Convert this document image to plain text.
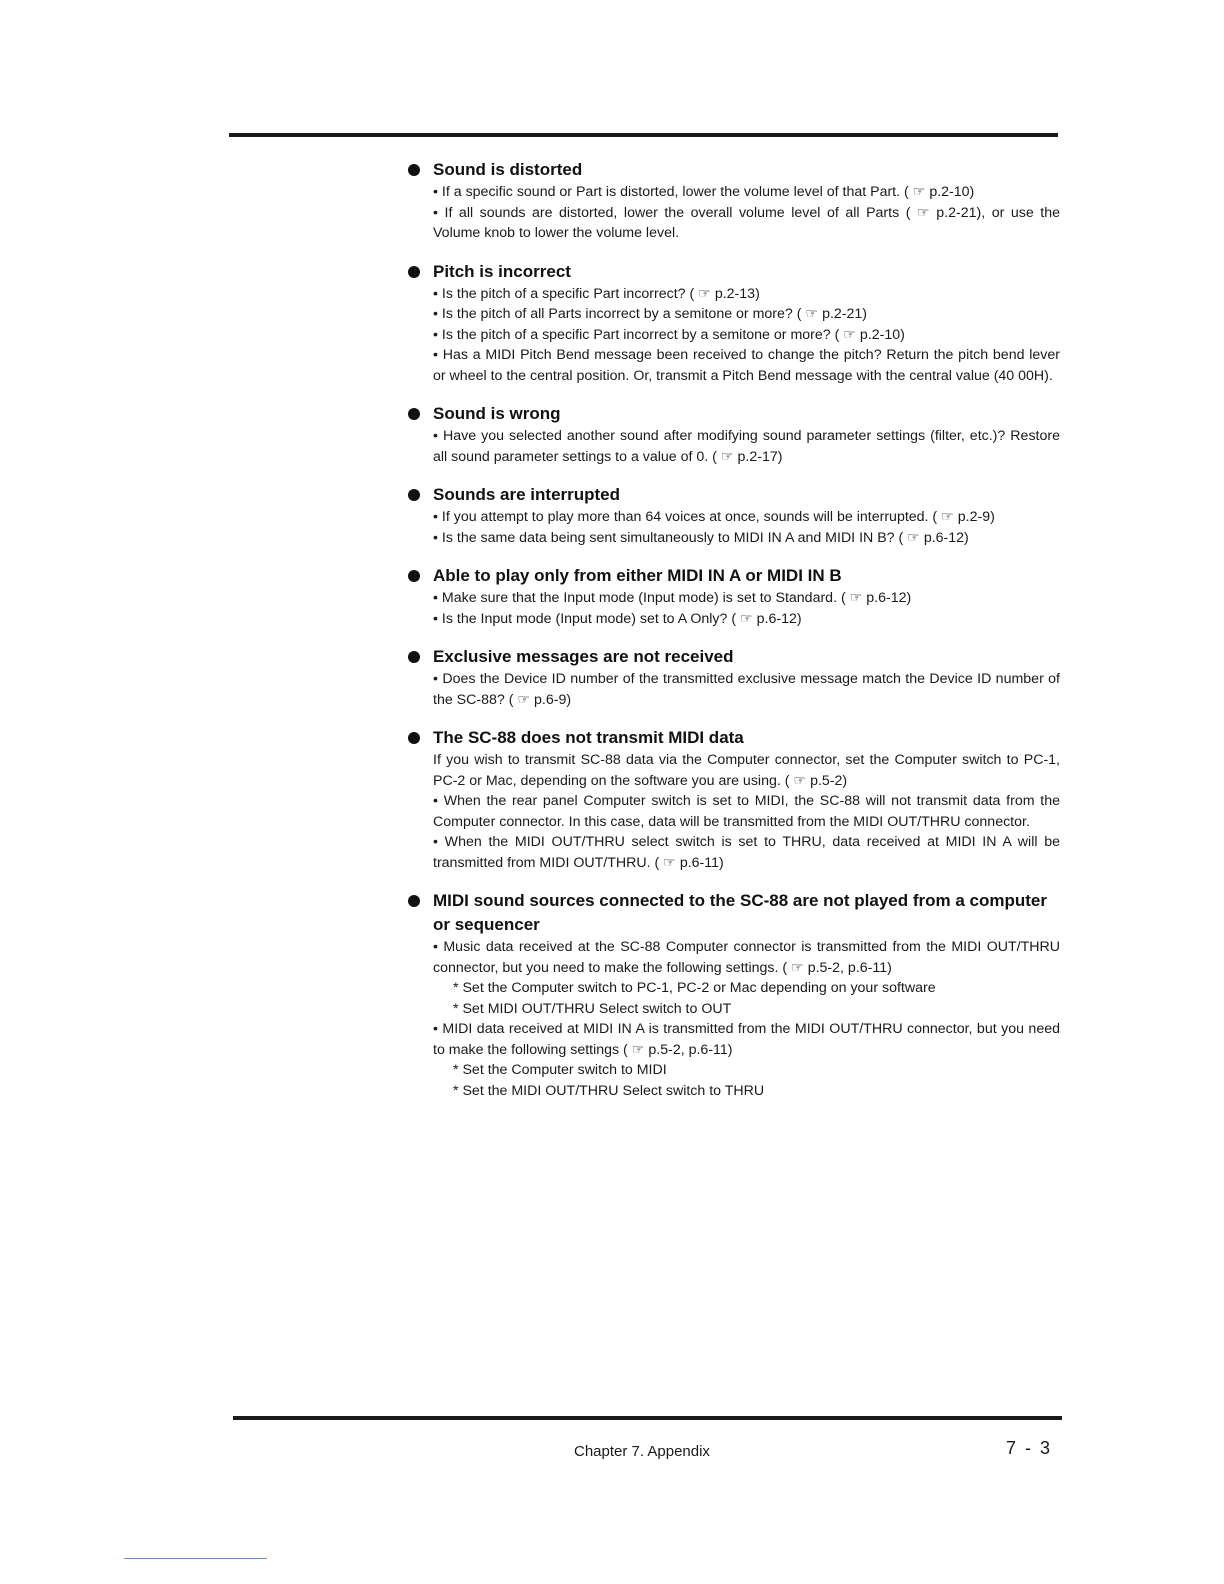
Sound is distorted

• If a specific sound or Part is distorted, lower the volume level of that Part. ( ☞ p.2-10)

• If all sounds are distorted, lower the overall volume level of all Parts ( ☞ p.2-21), or use the Volume knob to lower the volume level.

Pitch is incorrect

• Is the pitch of a specific Part incorrect? ( ☞ p.2-13)

• Is the pitch of all Parts incorrect by a semitone or more? ( ☞ p.2-21)

• Is the pitch of a specific Part incorrect by a semitone or more? ( ☞ p.2-10)

• Has a MIDI Pitch Bend message been received to change the pitch? Return the pitch bend lever or wheel to the central position. Or, transmit a Pitch Bend message with the central value (40 00H).

Sound is wrong

• Have you selected another sound after modifying sound parameter settings (filter, etc.)? Restore all sound parameter settings to a value of 0. ( ☞ p.2-17)

Sounds are interrupted

• If you attempt to play more than 64 voices at once, sounds will be interrupted. ( ☞ p.2-9)

• Is the same data being sent simultaneously to MIDI IN A and MIDI IN B? ( ☞ p.6-12)

Able to play only from either MIDI IN A or MIDI IN B

• Make sure that the Input mode (Input mode) is set to Standard. ( ☞ p.6-12)

• Is the Input mode (Input mode) set to A Only? ( ☞ p.6-12)

Exclusive messages are not received

• Does the Device ID number of the transmitted exclusive message match the Device ID number of the SC-88? ( ☞ p.6-9)

The SC-88 does not transmit MIDI data

If you wish to transmit SC-88 data via the Computer connector, set the Computer switch to PC-1, PC-2 or Mac, depending on the software you are using. ( ☞ p.5-2)

• When the rear panel Computer switch is set to MIDI, the SC-88 will not transmit data from the Computer connector. In this case, data will be transmitted from the MIDI OUT/THRU connector.

• When the MIDI OUT/THRU select switch is set to THRU, data received at MIDI IN A will be transmitted from MIDI OUT/THRU. ( ☞ p.6-11)

MIDI sound sources connected to the SC-88 are not played from a computer or sequencer

• Music data received at the SC-88 Computer connector is transmitted from the MIDI OUT/THRU connector, but you need to make the following settings. ( ☞ p.5-2, p.6-11)

* Set the Computer switch to PC-1, PC-2 or Mac depending on your software

* Set MIDI OUT/THRU Select switch to OUT

• MIDI data received at MIDI IN A is transmitted from the MIDI OUT/THRU connector, but you need to make the following settings ( ☞ p.5-2, p.6-11)

* Set the Computer switch to MIDI

* Set the MIDI OUT/THRU Select switch to THRU

Chapter 7. Appendix	7 - 3
